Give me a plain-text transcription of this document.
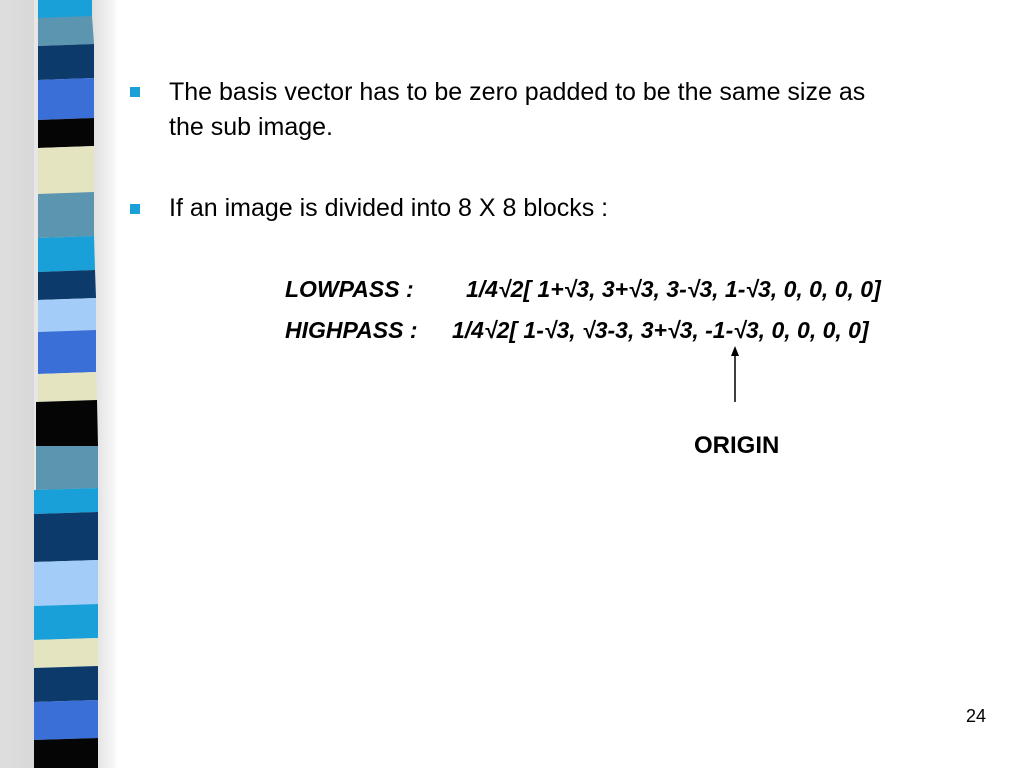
The basis vector has to be zero padded to be the same size as
the sub image.
If an image is divided into 8 X 8 blocks :
LOWPASS : 1/4√2[ 1+√3, 3+√3, 3-√3, 1-√3, 0, 0, 0, 0]
HIGHPASS : 1/4√2[ 1-√3, √3-3, 3+√3, -1-√3, 0, 0, 0, 0]
ORIGIN
24
